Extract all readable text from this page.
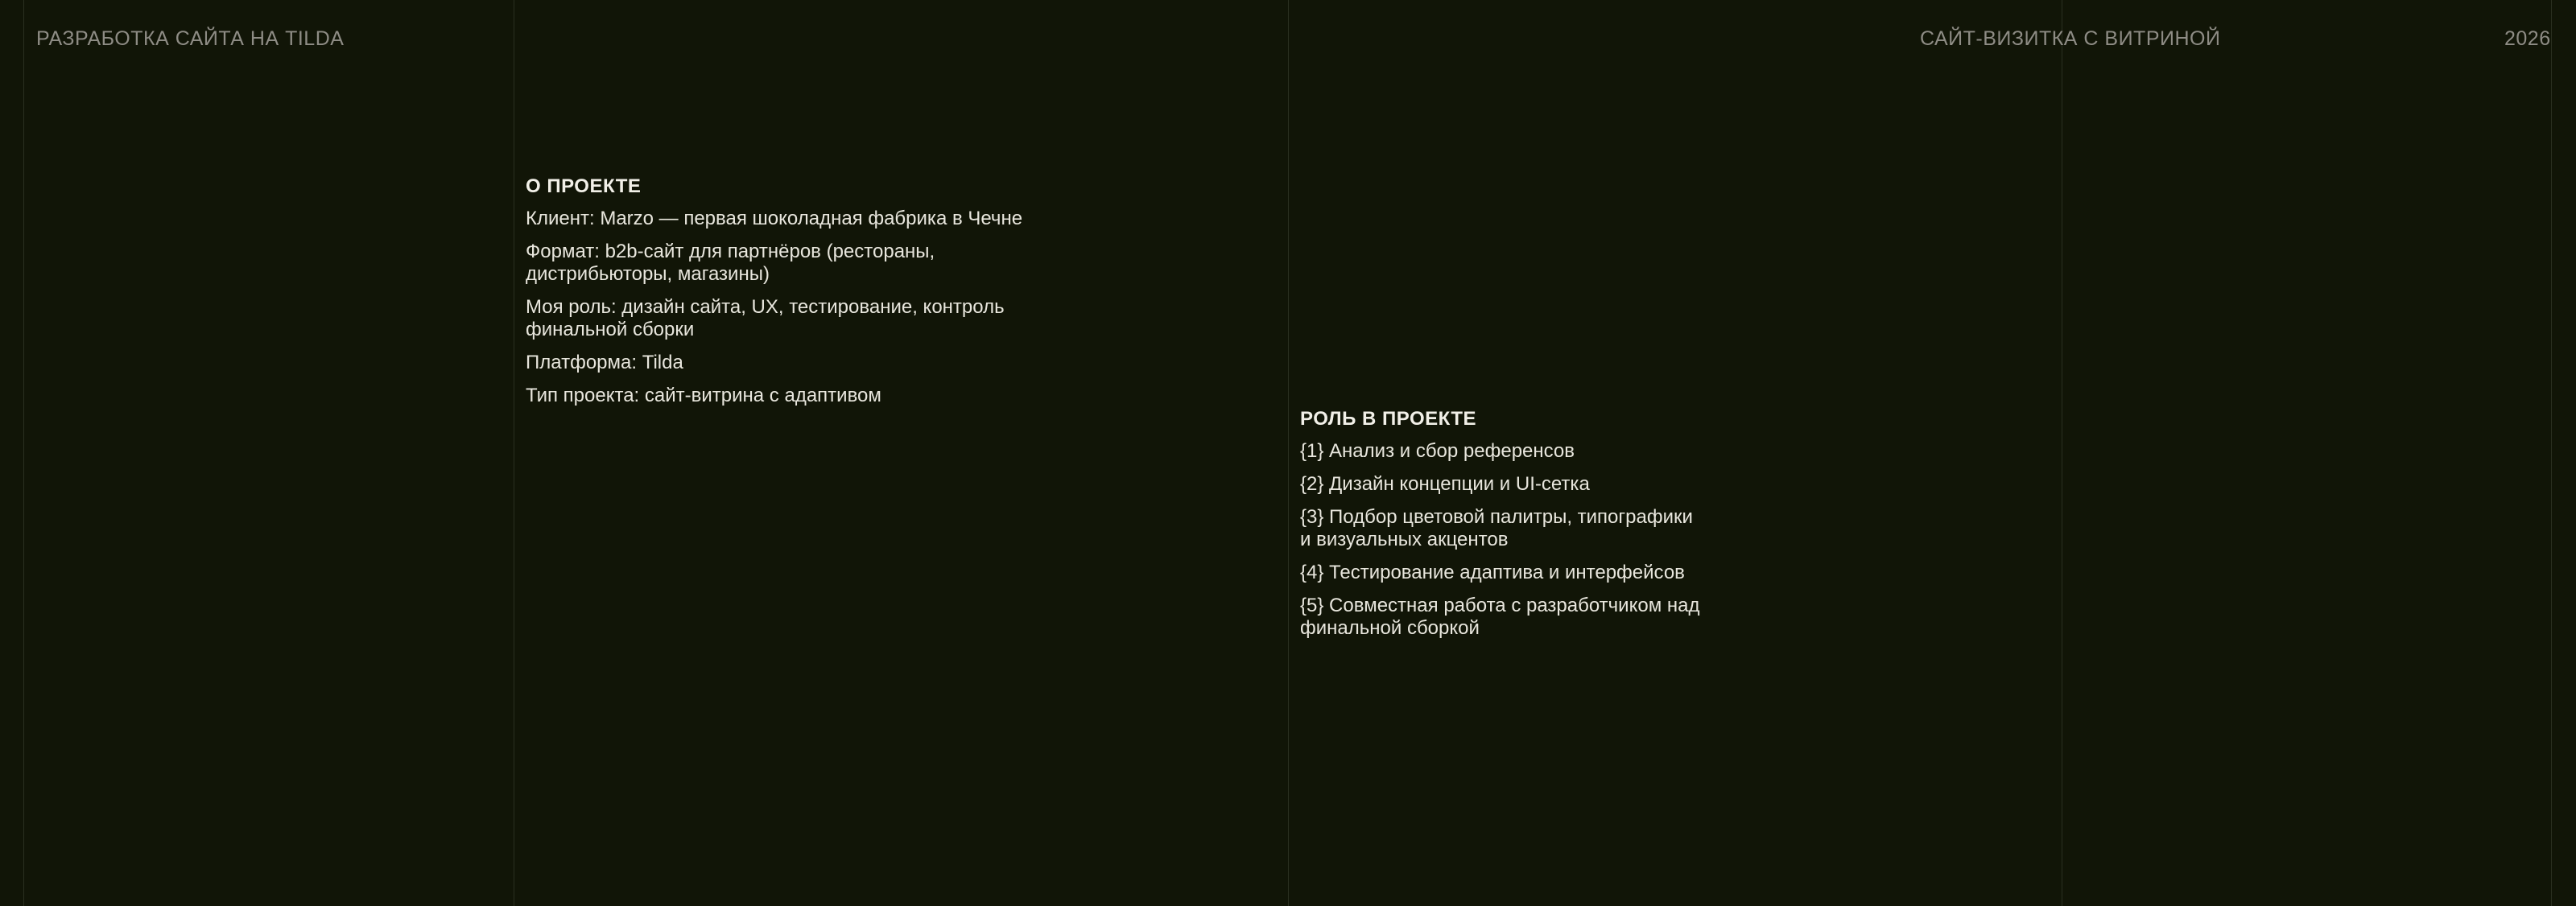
РАЗРАБОТКА САЙТА НА TILDA	САЙТ-ВИЗИТКА С ВИТРИНОЙ	2026
О ПРОЕКТЕ

Клиент: Marzo — первая шоколадная фабрика в Чечне

Формат: b2b-сайт для партнёров (рестораны, дистрибьюторы, магазины)

Моя роль: дизайн сайта, UX, тестирование, контроль финальной сборки

Платформа: Tilda

Тип проекта: сайт-витрина с адаптивом

РОЛЬ В ПРОЕКТЕ

{1} Анализ и сбор референсов

{2} Дизайн концепции и UI-сетка

{3} Подбор цветовой палитры, типографики и визуальных акцентов

{4} Тестирование адаптива и интерфейсов

{5} Совместная работа с разработчиком над финальной сборкой
